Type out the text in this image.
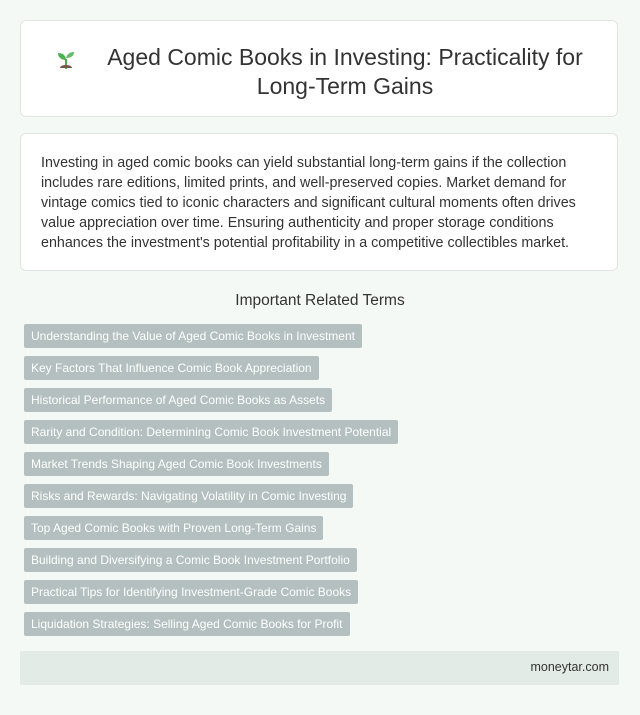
Aged Comic Books in Investing: Practicality for Long-Term Gains

Investing in aged comic books can yield substantial long-term gains if the collection includes rare editions, limited prints, and well-preserved copies. Market demand for vintage comics tied to iconic characters and significant cultural moments often drives value appreciation over time. Ensuring authenticity and proper storage conditions enhances the investment's potential profitability in a competitive collectibles market.

Important Related Terms
Understanding the Value of Aged Comic Books in Investment
Key Factors That Influence Comic Book Appreciation
Historical Performance of Aged Comic Books as Assets
Rarity and Condition: Determining Comic Book Investment Potential
Market Trends Shaping Aged Comic Book Investments
Risks and Rewards: Navigating Volatility in Comic Investing
Top Aged Comic Books with Proven Long-Term Gains
Building and Diversifying a Comic Book Investment Portfolio
Practical Tips for Identifying Investment-Grade Comic Books
Liquidation Strategies: Selling Aged Comic Books for Profit
moneytar.com
